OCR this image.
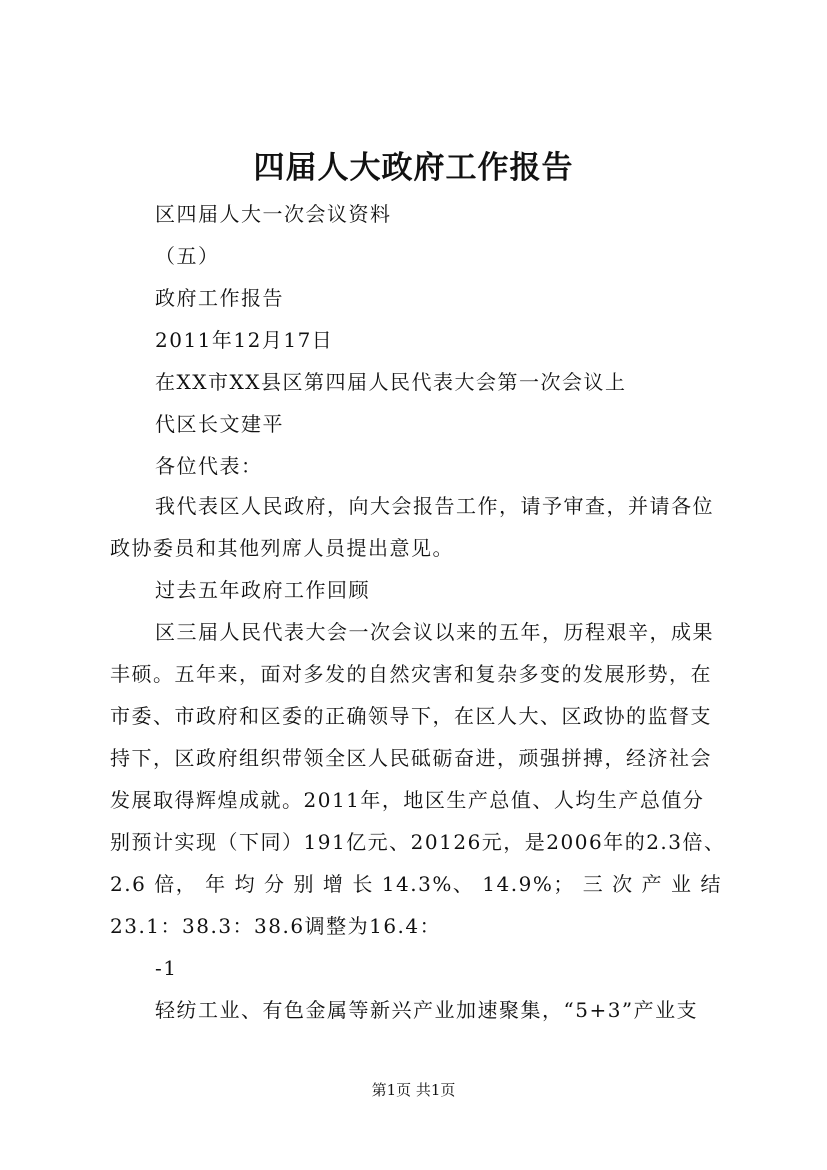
四届人大政府工作报告
区四届人大一次会议资料
（五）
政府工作报告
2011年12月17日
在XX市XX县区第四届人民代表大会第一次会议上
代区长文建平
各位代表：
我代表区人民政府，向大会报告工作，请予审查，并请各位
政协委员和其他列席人员提出意见。
过去五年政府工作回顾
区三届人民代表大会一次会议以来的五年，历程艰辛，成果
丰硕。五年来，面对多发的自然灾害和复杂多变的发展形势，在
市委、市政府和区委的正确领导下，在区人大、区政协的监督支
持下，区政府组织带领全区人民砥砺奋进，顽强拼搏，经济社会
发展取得辉煌成就。2011年，地区生产总值、人均生产总值分
别预计实现（下同）191亿元、20126元，是2006年的2.3倍、
2.6 倍， 年 均 分 别 增 长 14.3%、 14.9%； 三 次 产 业 结
23.1：38.3：38.6调整为16.4：
-1
轻纺工业、有色金属等新兴产业加速聚集，“5+3”产业支
第1页 共1页
